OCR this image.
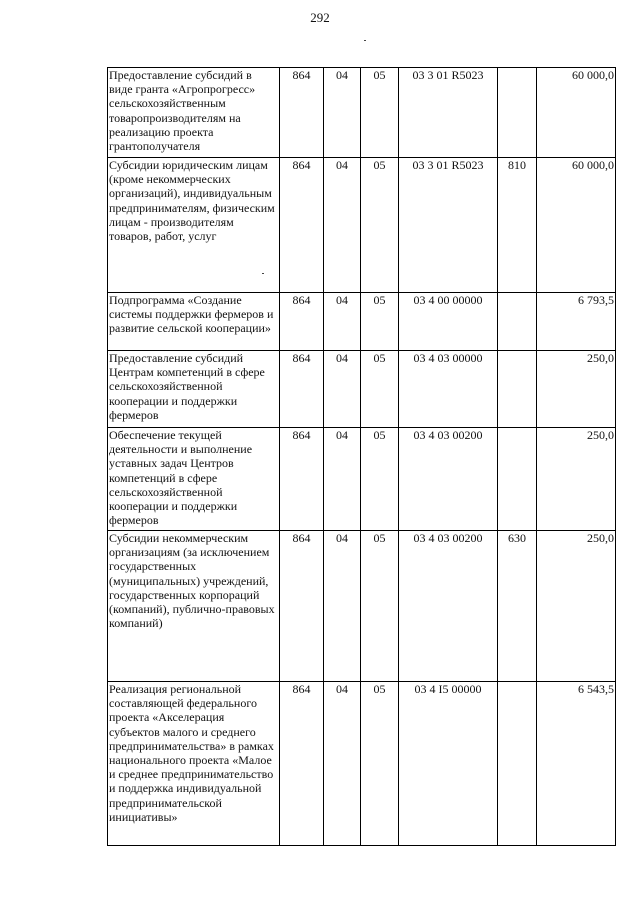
292
Предоставление субсидий в виде гранта «Агропрогресс» сельскохозяйственным товаропроизводителям на реализацию проекта грантополучателя	864	04	05	03 3 01 R5023		60 000,0
Субсидии юридическим лицам (кроме некоммерческих организаций), индивидуальным предпринимателям, физическим лицам - производителям товаров, работ, услуг	864	04	05	03 3 01 R5023	810	60 000,0
Подпрограмма «Создание системы поддержки фермеров и развитие сельской кооперации»	864	04	05	03 4 00 00000		6 793,5
Предоставление субсидий Центрам компетенций в сфере сельскохозяйственной кооперации и поддержки фермеров	864	04	05	03 4 03 00000		250,0
Обеспечение текущей деятельности и выполнение уставных задач Центров компетенций в сфере сельскохозяйственной кооперации и поддержки фермеров	864	04	05	03 4 03 00200		250,0
Субсидии некоммерческим организациям (за исключением государственных (муниципальных) учреждений, государственных корпораций (компаний), публично-правовых компаний)	864	04	05	03 4 03 00200	630	250,0
Реализация региональной составляющей федерального проекта «Акселерация субъектов малого и среднего предпринимательства» в рамках национального проекта «Малое и среднее предпринимательство и поддержка индивидуальной предпринимательской инициативы»	864	04	05	03 4 I5 00000		6 543,5
